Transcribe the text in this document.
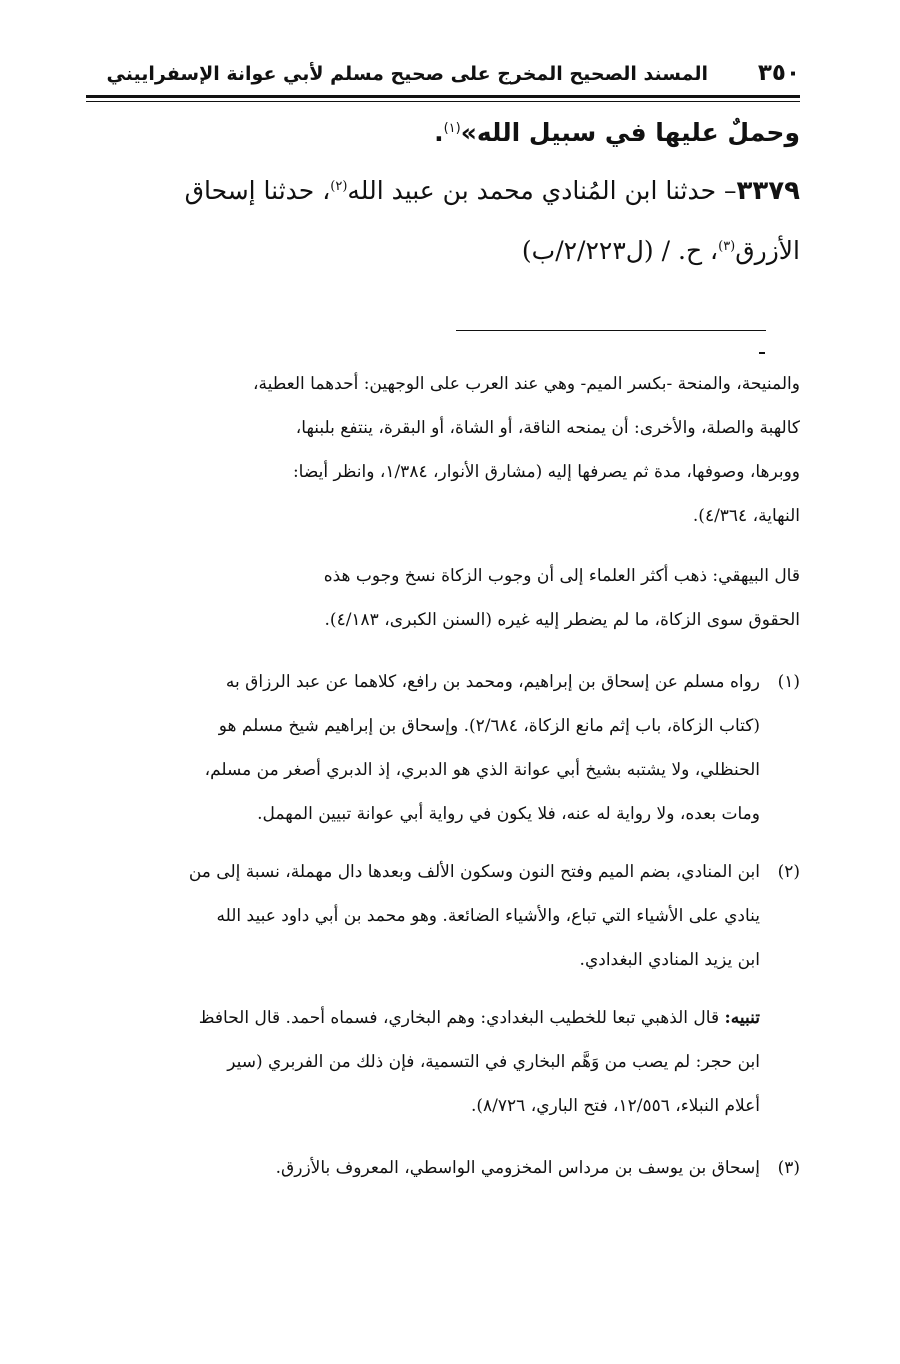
٣٥٠
المسند الصحيح المخرج على صحيح مسلم لأبي عوانة الإسفراييني
وحملٌ عليها في سبيل الله»$^{(١)}$.
٣٣٧٩– حدثنا ابن المُنادي محمد بن عبيد الله$^{(٢)}$، حدثنا إسحاق
الأزرق$^{(٣)}$، ح. / (ل٢/٢٢٣/ب)
والمنيحة، والمنحة -بكسر الميم- وهي عند العرب على الوجهين: أحدهما العطية،
كالهبة والصلة، والأخرى: أن يمنحه الناقة، أو الشاة، أو البقرة، ينتفع بلبنها،
ووبرها، وصوفها، مدة ثم يصرفها إليه (مشارق الأنوار، ١/٣٨٤، وانظر أيضا:
النهاية، ٤/٣٦٤).
قال البيهقي: ذهب أكثر العلماء إلى أن وجوب الزكاة نسخ وجوب هذه
الحقوق سوى الزكاة، ما لم يضطر إليه غيره (السنن الكبرى، ٤/١٨٣).
(١)
رواه مسلم عن إسحاق بن إبراهيم، ومحمد بن رافع، كلاهما عن عبد الرزاق به
(كتاب الزكاة، باب إثم مانع الزكاة، ٢/٦٨٤). وإسحاق بن إبراهيم شيخ مسلم هو
الحنظلي، ولا يشتبه بشيخ أبي عوانة الذي هو الدبري، إذ الدبري أصغر من مسلم،
ومات بعده، ولا رواية له عنه، فلا يكون في رواية أبي عوانة تبيين المهمل.
(٢)
ابن المنادي، بضم الميم وفتح النون وسكون الألف وبعدها دال مهملة، نسبة إلى من
ينادي على الأشياء التي تباع، والأشياء الضائعة. وهو محمد بن أبي داود عبيد الله
ابن يزيد المنادي البغدادي.
تنبيه: قال الذهبي تبعا للخطيب البغدادي: وهم البخاري، فسماه أحمد. قال الحافظ
ابن حجر: لم يصب من وَهَّم البخاري في التسمية، فإن ذلك من الفربري (سير
أعلام النبلاء، ١٢/٥٥٦، فتح الباري، ٨/٧٢٦).
(٣)
إسحاق بن يوسف بن مرداس المخزومي الواسطي، المعروف بالأزرق.
